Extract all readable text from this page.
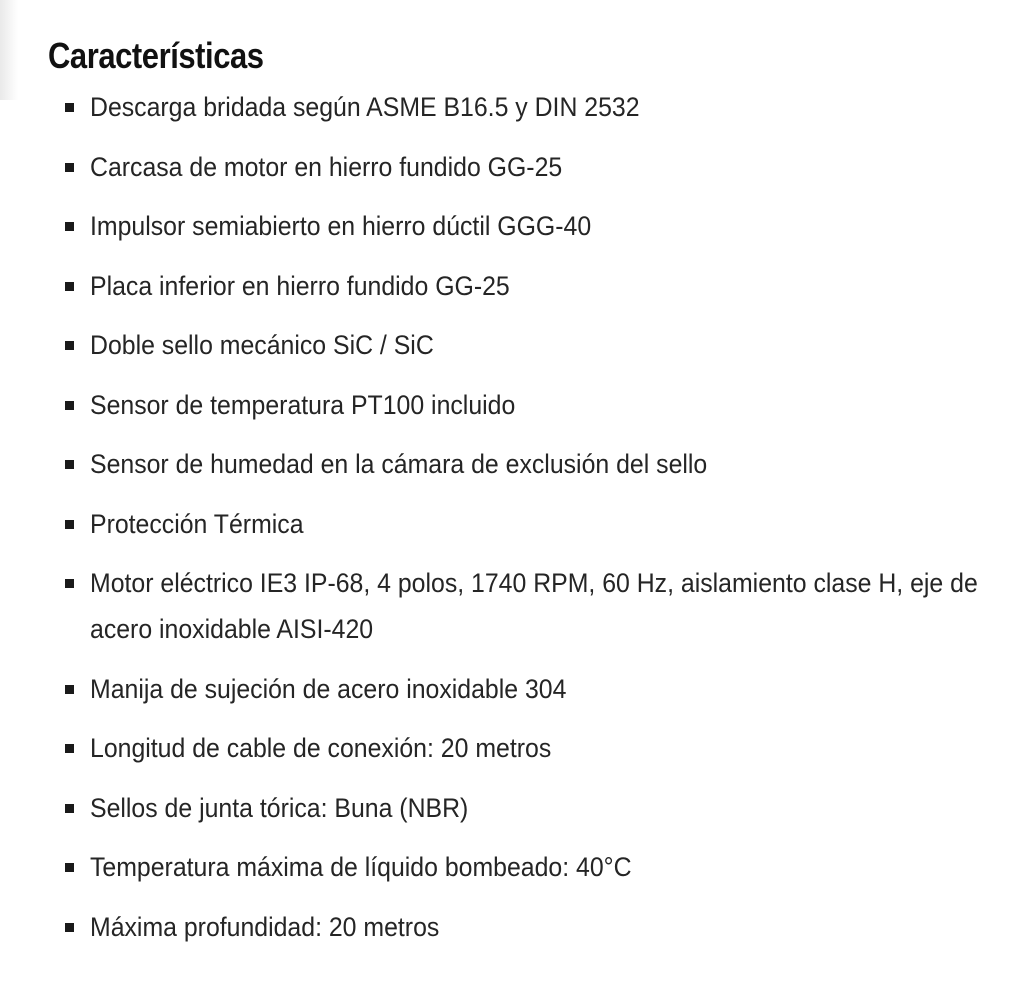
Características
Descarga bridada según ASME B16.5 y DIN 2532
Carcasa de motor en hierro fundido GG-25
Impulsor semiabierto en hierro dúctil GGG-40
Placa inferior en hierro fundido GG-25
Doble sello mecánico SiC / SiC
Sensor de temperatura PT100 incluido
Sensor de humedad en la cámara de exclusión del sello
Protección Térmica
Motor eléctrico IE3 IP-68, 4 polos, 1740 RPM, 60 Hz, aislamiento clase H, eje de acero inoxidable AISI-420
Manija de sujeción de acero inoxidable 304
Longitud de cable de conexión: 20 metros
Sellos de junta tórica: Buna (NBR)
Temperatura máxima de líquido bombeado: 40°C
Máxima profundidad: 20 metros
